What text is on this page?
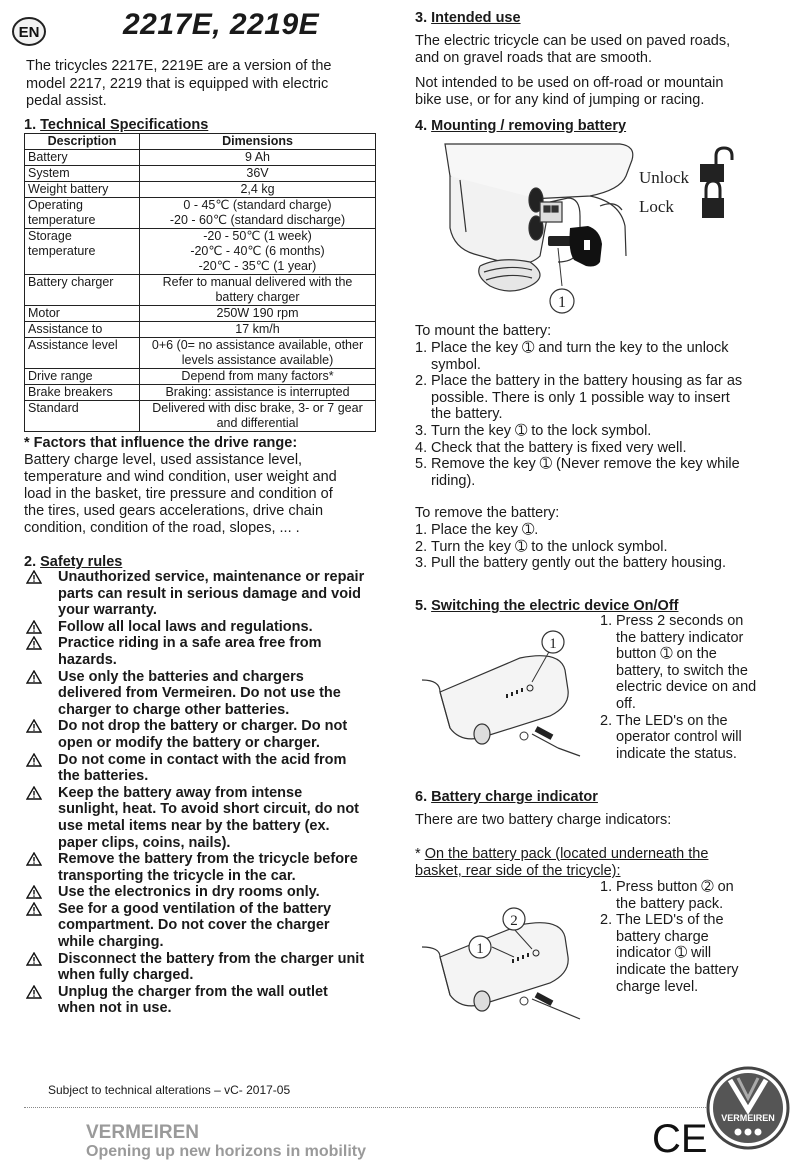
EN	2217E, 2219E
The tricycles 2217E, 2219E are a version of the model 2217, 2219 that is equipped with electric pedal assist.
1. Technical Specifications
Description	Dimensions
Battery	9 Ah
System	36V
Weight battery	2,4 kg
Operating temperature	0 - 45℃ (standard charge)
-20 - 60℃ (standard discharge)
Storage temperature	-20 - 50℃ (1 week)
-20℃ - 40℃ (6 months)
-20℃ - 35℃ (1 year)
Battery charger	Refer to manual delivered with the battery charger
Motor	250W 190 rpm
Assistance to	17 km/h
Assistance level	0+6 (0= no assistance available, other levels assistance available)
Drive range	Depend from many factors*
Brake breakers	Braking: assistance is interrupted
Standard	Delivered with disc brake, 3- or 7 gear and differential
* Factors that influence the drive range:
Battery charge level, used assistance level, temperature and wind condition, user weight and load in the basket, tire pressure and condition of the tires, used gears accelerations, drive chain condition, condition of the road, slopes, ... .
2. Safety rules
Unauthorized service, maintenance or repair parts can result in serious damage and void your warranty.
Follow all local laws and regulations.
Practice riding in a safe area free from hazards.
Use only the batteries and chargers delivered from Vermeiren. Do not use the charger to charge other batteries.
Do not drop the battery or charger. Do not open or modify the battery or charger.
Do not come in contact with the acid from the batteries.
Keep the battery away from intense sunlight, heat. To avoid short circuit, do not use metal items near by the battery (ex. paper clips, coins, nails).
Remove the battery from the tricycle before transporting the tricycle in the car.
Use the electronics in dry rooms only.
See for a good ventilation of the battery compartment. Do not cover the charger while charging.
Disconnect the battery from the charger unit when fully charged.
Unplug the charger from the wall outlet when not in use.
3. Intended use
The electric tricycle can be used on paved roads, and on gravel roads that are smooth.
Not intended to be used on off-road or mountain bike use, or for any kind of jumping or racing.
4. Mounting / removing battery
1
Unlock
Lock
To mount the battery:
1. Place the key ➀ and turn the key to the unlock symbol.
2. Place the battery in the battery housing as far as possible. There is only 1 possible way to insert the battery.
3. Turn the key ➀ to the lock symbol.
4. Check that the battery is fixed very well.
5. Remove the key ➀ (Never remove the key while riding).
To remove the battery:
1. Place the key ➀.
2. Turn the key ➀ to the unlock symbol.
3. Pull the battery gently out the battery housing.
5. Switching the electric device On/Off
1
1. Press 2 seconds on the battery indicator button ➀ on the battery, to switch the electric device on and off.
2. The LED's on the operator control will indicate the status.
6. Battery charge indicator
There are two battery charge indicators:
* On the battery pack (located underneath the basket, rear side of the tricycle):
2
1
1. Press button ➁ on the battery pack.
2. The LED's of the battery charge indicator ➀ will indicate the battery charge level.
Subject to technical alterations – vC- 2017-05
VERMEIREN
Opening up new horizons in mobility	CE VERMEIREN
